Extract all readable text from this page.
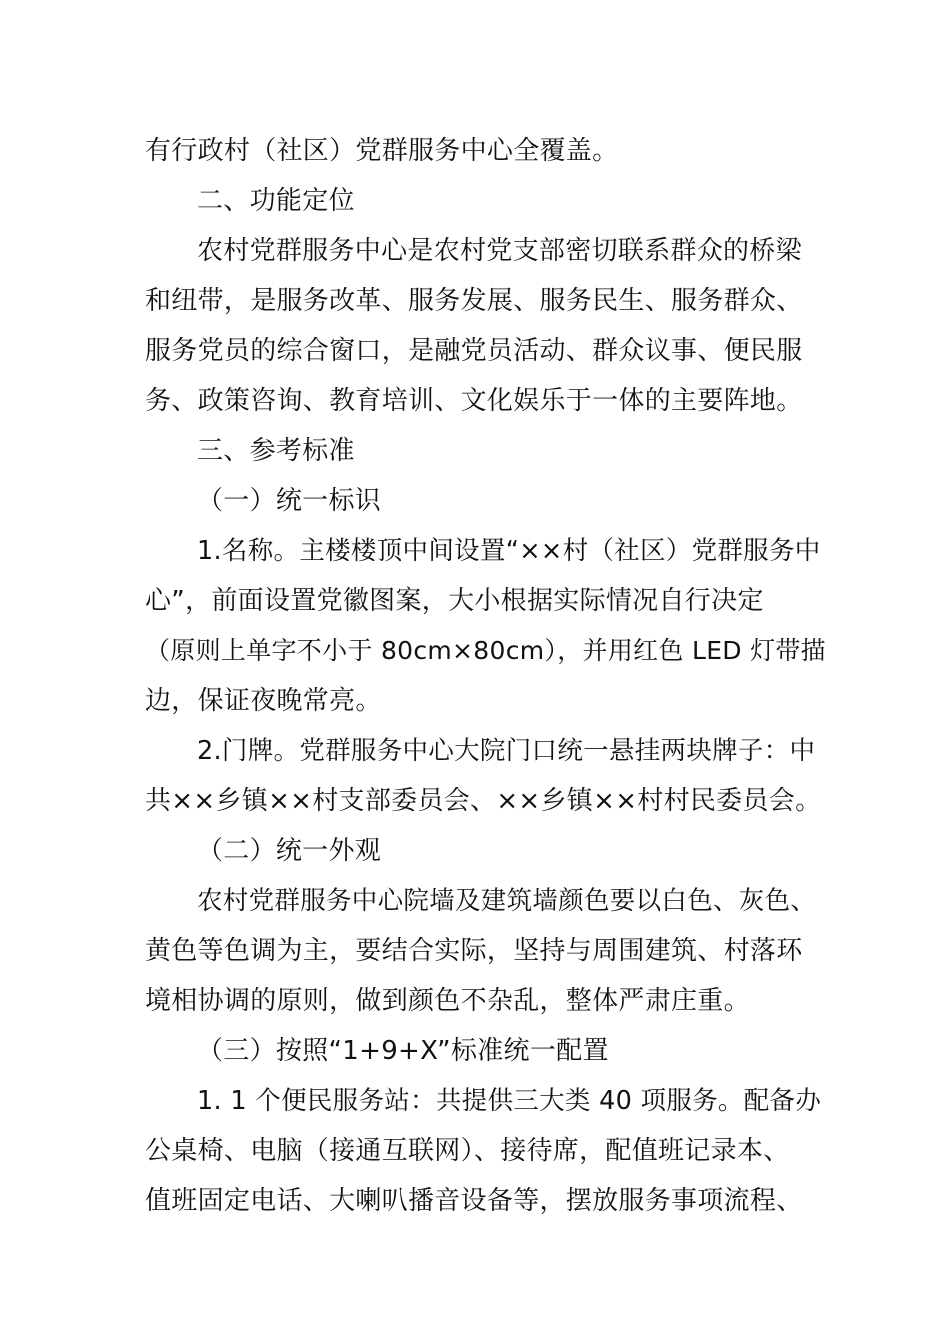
有行政村（社区）党群服务中心全覆盖。
二、功能定位
农村党群服务中心是农村党支部密切联系群众的桥梁
和纽带，是服务改革、服务发展、服务民生、服务群众、
服务党员的综合窗口，是融党员活动、群众议事、便民服
务、政策咨询、教育培训、文化娱乐于一体的主要阵地。
三、参考标准
（一）统一标识
1.名称。主楼楼顶中间设置“××村（社区）党群服务中
心”，前面设置党徽图案，大小根据实际情况自行决定
（原则上单字不小于 80cm×80cm），并用红色 LED 灯带描
边，保证夜晚常亮。
2.门牌。党群服务中心大院门口统一悬挂两块牌子：中
共××乡镇××村支部委员会、××乡镇××村村民委员会。
（二）统一外观
农村党群服务中心院墙及建筑墙颜色要以白色、灰色、
黄色等色调为主，要结合实际，坚持与周围建筑、村落环
境相协调的原则，做到颜色不杂乱，整体严肃庄重。
（三）按照“1+9+X”标准统一配置
1. 1 个便民服务站：共提供三大类 40 项服务。配备办
公桌椅、电脑（接通互联网）、接待席，配值班记录本、
值班固定电话、大喇叭播音设备等，摆放服务事项流程、
